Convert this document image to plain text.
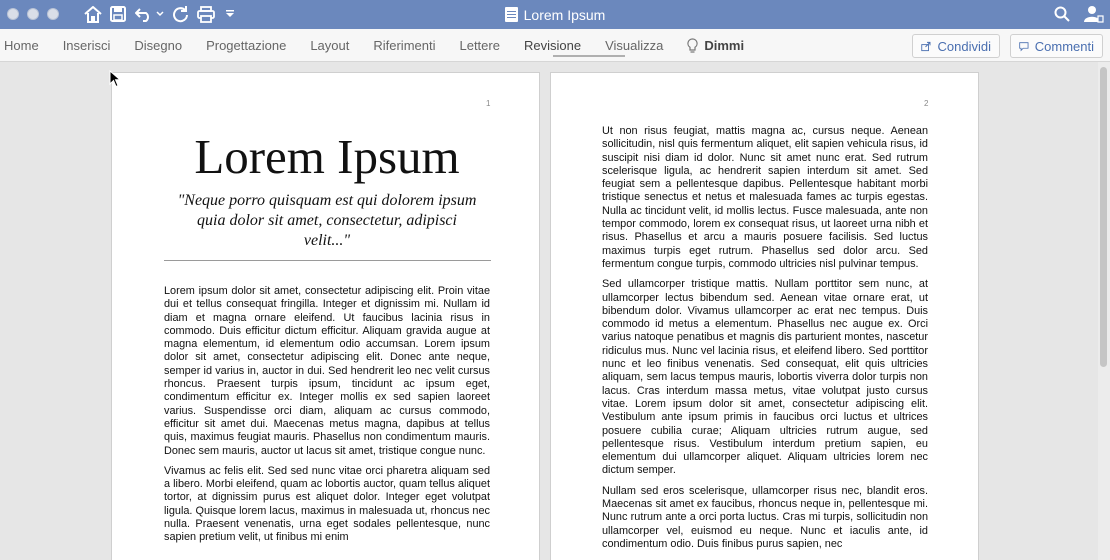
Lorem Ipsum
Home	Inserisci	Disegno	Progettazione	Layout	Riferimenti	Lettere	Revisione	Visualizza	Dimmi	Condividi	Commenti
1
Lorem Ipsum
"Neque porro quisquam est qui dolorem ipsum quia dolor sit amet, consectetur, adipisci velit..."

Lorem ipsum dolor sit amet, consectetur adipiscing elit. Proin vitae dui et tellus consequat fringilla. Integer et dignissim mi. Nullam id diam et magna ornare eleifend. Ut faucibus lacinia risus in commodo. Duis efficitur dictum efficitur. Aliquam gravida augue at magna elementum, id elementum odio accumsan. Lorem ipsum dolor sit amet, consectetur adipiscing elit. Donec ante neque, semper id varius in, auctor in dui. Sed hendrerit leo nec velit cursus rhoncus. Praesent turpis ipsum, tincidunt ac ipsum eget, condimentum efficitur ex. Integer mollis ex sed sapien laoreet varius. Suspendisse orci diam, aliquam ac cursus commodo, efficitur sit amet dui. Maecenas metus magna, dapibus at tellus quis, maximus feugiat mauris. Phasellus non condimentum mauris. Donec sem mauris, auctor ut lacus sit amet, tristique congue nunc.

Vivamus ac felis elit. Sed sed nunc vitae orci pharetra aliquam sed a libero. Morbi eleifend, quam ac lobortis auctor, quam tellus aliquet tortor, at dignissim purus est aliquet dolor. Integer eget volutpat ligula. Quisque lorem lacus, maximus in malesuada ut, rhoncus nec nulla. Praesent venenatis, urna eget sodales pellentesque, nunc sapien pretium velit, ut finibus mi enim

2

Ut non risus feugiat, mattis magna ac, cursus neque. Aenean sollicitudin, nisl quis fermentum aliquet, elit sapien vehicula risus, id suscipit nisi diam id dolor. Nunc sit amet nunc erat. Sed rutrum scelerisque ligula, ac hendrerit sapien interdum sit amet. Sed feugiat sem a pellentesque dapibus. Pellentesque habitant morbi tristique senectus et netus et malesuada fames ac turpis egestas. Nulla ac tincidunt velit, id mollis lectus. Fusce malesuada, ante non tempor commodo, lorem ex consequat risus, ut laoreet urna nibh et risus. Phasellus et arcu a mauris posuere facilisis. Sed luctus maximus turpis eget rutrum. Phasellus sed dolor arcu. Sed fermentum congue turpis, commodo ultricies nisl pulvinar tempus.

Sed ullamcorper tristique mattis. Nullam porttitor sem nunc, at ullamcorper lectus bibendum sed. Aenean vitae ornare erat, ut bibendum dolor. Vivamus ullamcorper ac erat nec tempus. Duis commodo id metus a elementum. Phasellus nec augue ex. Orci varius natoque penatibus et magnis dis parturient montes, nascetur ridiculus mus. Nunc vel lacinia risus, et eleifend libero. Sed porttitor nunc et leo finibus venenatis. Sed consequat, elit quis ultricies aliquam, sem lacus tempus mauris, lobortis viverra dolor turpis non lacus. Cras interdum massa metus, vitae volutpat justo cursus vitae. Lorem ipsum dolor sit amet, consectetur adipiscing elit. Vestibulum ante ipsum primis in faucibus orci luctus et ultrices posuere cubilia curae; Aliquam ultricies rutrum augue, sed pellentesque risus. Vestibulum interdum pretium sapien, eu elementum dui ullamcorper aliquet. Aliquam ultricies lorem nec dictum semper.

Nullam sed eros scelerisque, ullamcorper risus nec, blandit eros. Maecenas sit amet ex faucibus, rhoncus neque in, pellentesque mi. Nunc rutrum ante a orci porta luctus. Cras mi turpis, sollicitudin non ullamcorper vel, euismod eu neque. Nunc et iaculis ante, id condimentum odio. Duis finibus purus sapien, nec
